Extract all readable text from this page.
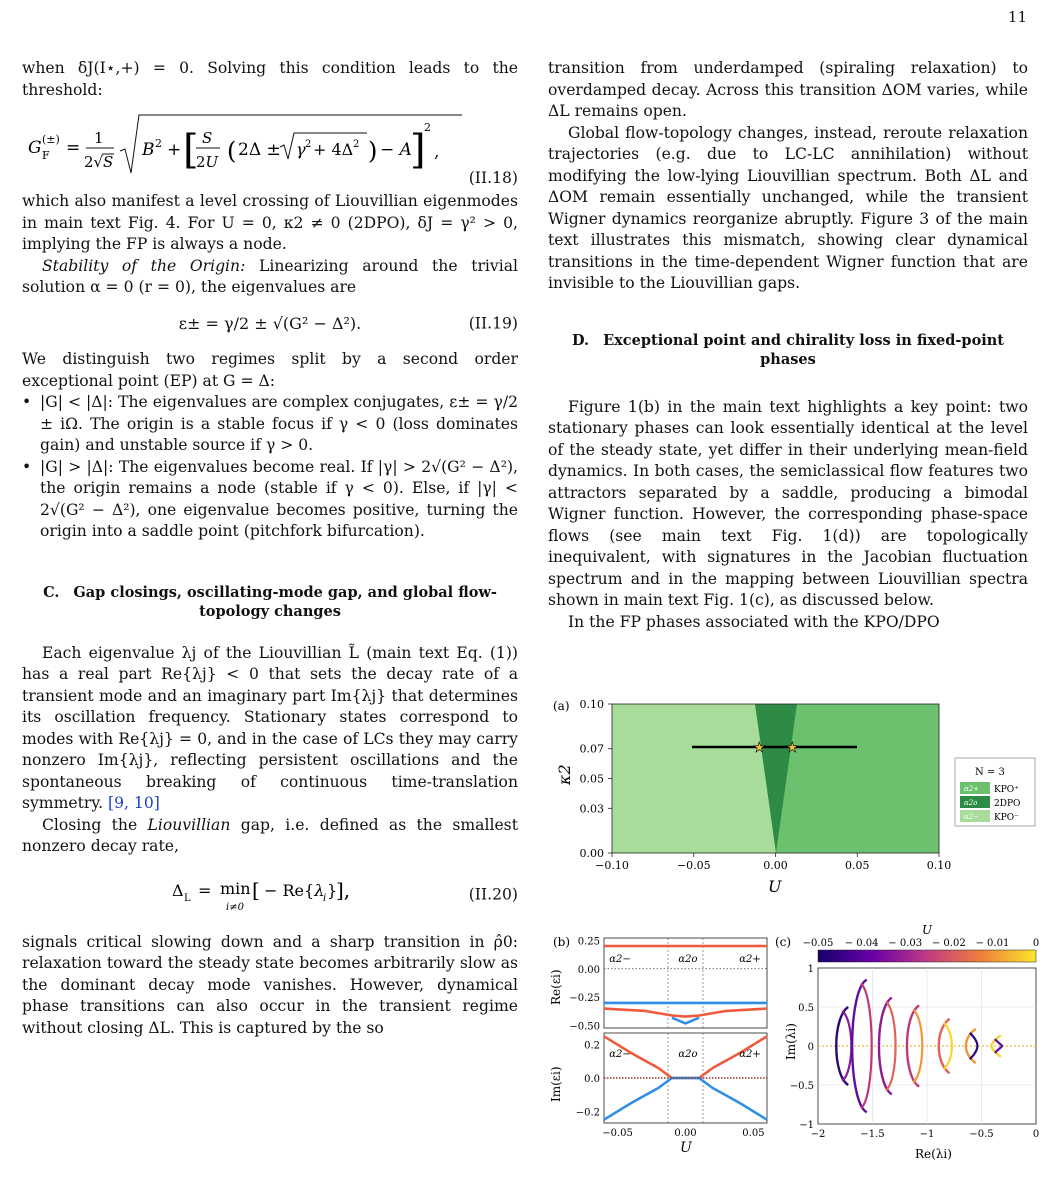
11

when δJ(I⋆,+) = 0. Solving this condition leads to the threshold:

G F
(±) = 1
2√ S
B 2 + [ S
2U ( 2Δ ± γ 2 + 4Δ 2 ) − A
]
2
,
(II.18)

which also manifest a level crossing of Liouvillian eigenmodes in main text Fig. 4. For U = 0, κ2 ≠ 0 (2DPO), δJ = γ² > 0, implying the FP is always a node.

Stability of the Origin: Linearizing around the trivial solution α = 0 (r = 0), the eigenvalues are

ε± = γ/2 ± √(G² − Δ²).	(II.19)

We distinguish two regimes split by a second order exceptional point (EP) at G = Δ:

• |G| < |Δ|: The eigenvalues are complex conjugates, ε± = γ/2 ± iΩ. The origin is a stable focus if γ < 0 (loss dominates gain) and unstable source if γ > 0.
• |G| > |Δ|: The eigenvalues become real. If |γ| > 2√(G² − Δ²), the origin remains a node (stable if γ < 0). Else, if |γ| < 2√(G² − Δ²), one eigenvalue becomes positive, turning the origin into a saddle point (pitchfork bifurcation).
C. Gap closings, oscillating-mode gap, and global flow-topology changes

Each eigenvalue λj of the Liouvillian L̃ (main text Eq. (1)) has a real part Re{λj} < 0 that sets the decay rate of a transient mode and an imaginary part Im{λj} that determines its oscillation frequency. Stationary states correspond to modes with Re{λj} = 0, and in the case of LCs they may carry nonzero Im{λj}, reflecting persistent oscillations and the spontaneous breaking of continuous time-translation symmetry. [9, 10]

Closing the Liouvillian gap, i.e. defined as the smallest nonzero decay rate,

Δ L = min
i≠0
[ − Re{λ
i }
],	(II.20)

signals critical slowing down and a sharp transition in ρ̂0: relaxation toward the steady state becomes arbitrarily slow as the dominant decay mode vanishes. However, dynamical phase transitions can also occur in the transient regime without closing ΔL. This is captured by the so

transition from underdamped (spiraling relaxation) to overdamped decay. Across this transition ΔOM varies, while ΔL remains open.

Global flow-topology changes, instead, reroute relaxation trajectories (e.g. due to LC-LC annihilation) without modifying the low-lying Liouvillian spectrum. Both ΔL and ΔOM remain essentially unchanged, while the transient Wigner dynamics reorganize abruptly. Figure 3 of the main text illustrates this mismatch, showing clear dynamical transitions in the time-dependent Wigner function that are invisible to the Liouvillian gaps.

D. Exceptional point and chirality loss in fixed-point phases

Figure 1(b) in the main text highlights a key point: two stationary phases can look essentially identical at the level of the steady state, yet differ in their underlying mean-field dynamics. In both cases, the semiclassical flow features two attractors separated by a saddle, producing a bimodal Wigner function. However, the corresponding phase-space flows (see main text Fig. 1(d)) are topologically inequivalent, with signatures in the Jacobian fluctuation spectrum and in the mapping between Liouvillian spectra shown in main text Fig. 1(c), as discussed below.

In the FP phases associated with the KPO/DPO

(a)
★ ★
0.00
0.03
0.05
0.07
0.10
−0.10	−0.05	0.00	0.05	0.10
U
κ2	N = 3
α2+ KPO⁺
α2o 2DPO
α2− KPO⁻
(b) 0.25
0.00
−0.25
−0.50
0.2
0.0
−0.2
−0.05	0.00	0.05
α2−
α2−
α2o
α2o
α2+
α2+
Re(εi)
Im(εi)
U
(c)
U
−0.05 − 0.04 − 0.03 − 0.02 − 0.01 0
−2	−1.5	−1	−0.5	0
1
0.5
0
−0.5
−1
Im(λi)
Re(λi)
